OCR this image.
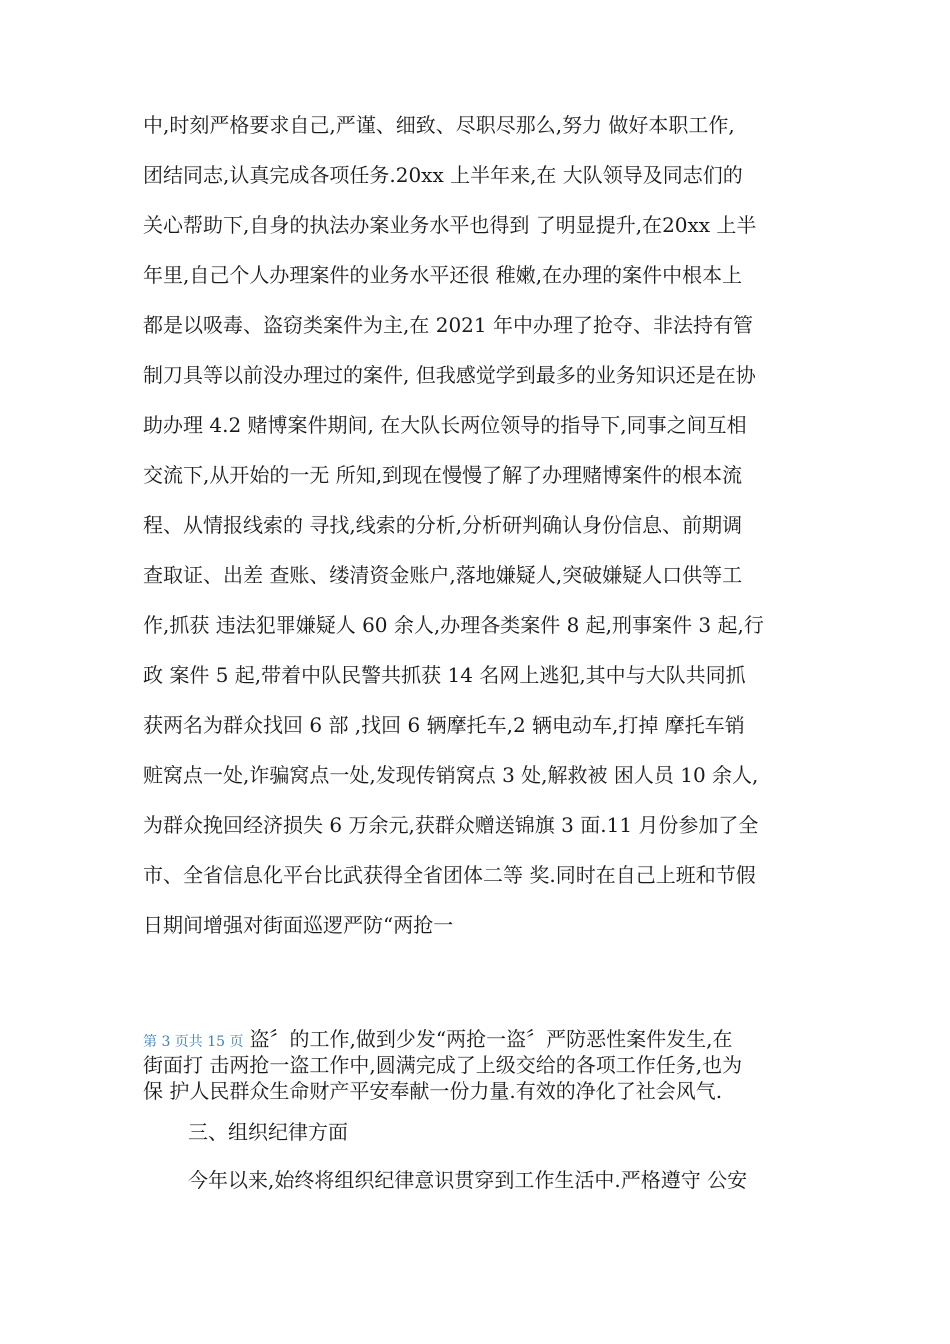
中,时刻严格要求自己,严谨、细致、尽职尽那么,努力 做好本职工作,
团结同志,认真完成各项任务.20xx 上半年来,在 大队领导及同志们的
关心帮助下,自身的执法办案业务水平也得到 了明显提升,在20xx 上半
年里,自己个人办理案件的业务水平还很 稚嫩,在办理的案件中根本上
都是以吸毒、盗窃类案件为主,在 2021 年中办理了抢夺、非法持有管
制刀具等以前没办理过的案件, 但我感觉学到最多的业务知识还是在协
助办理 4.2 赌博案件期间, 在大队长两位领导的指导下,同事之间互相
交流下,从开始的一无 所知,到现在慢慢了解了办理赌博案件的根本流
程、从情报线索的 寻找,线索的分析,分析研判确认身份信息、前期调
查取证、出差 查账、缕清资金账户,落地嫌疑人,突破嫌疑人口供等工
作,抓获 违法犯罪嫌疑人 60 余人,办理各类案件 8 起,刑事案件 3 起,行
政 案件 5 起,带着中队民警共抓获 14 名网上逃犯,其中与大队共同抓
获两名为群众找回 6 部 ,找回 6 辆摩托车,2 辆电动车,打掉 摩托车销
赃窝点一处,诈骗窝点一处,发现传销窝点 3 处,解救被 困人员 10 余人,
为群众挽回经济损失 6 万余元,获群众赠送锦旗 3 面.11 月份参加了全
市、全省信息化平台比武获得全省团体二等 奖.同时在自己上班和节假
日期间增强对街面巡逻严防“两抢一
第 3 页共 15 页 盗〞的工作,做到少发“两抢一盗〞严防恶性案件发生,在
街面打 击两抢一盗工作中,圆满完成了上级交给的各项工作任务,也为
保 护人民群众生命财产平安奉献一份力量.有效的净化了社会风气.
三、组织纪律方面
今年以来,始终将组织纪律意识贯穿到工作生活中.严格遵守 公安
